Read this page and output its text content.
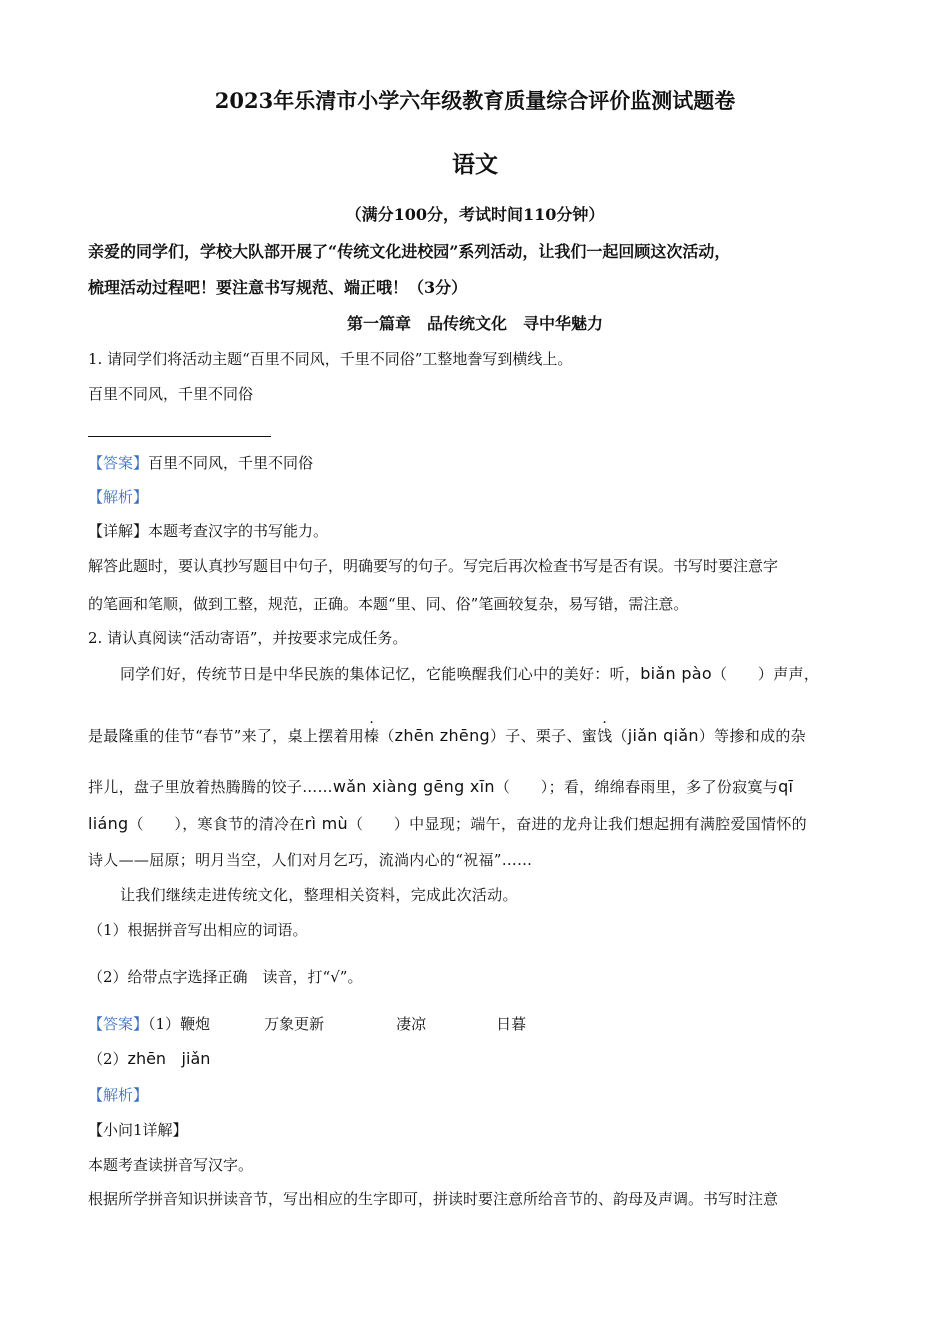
2023年乐清市小学六年级教育质量综合评价监测试题卷
语文
（满分100分，考试时间110分钟）
亲爱的同学们，学校大队部开展了“传统文化进校园”系列活动，让我们一起回顾这次活动，
梳理活动过程吧！要注意书写规范、端正哦！（3分）
第一篇章　品传统文化　寻中华魅力
1. 请同学们将活动主题“百里不同风，千里不同俗”工整地誊写到横线上。
百里不同风，千里不同俗
【答案】百里不同风，千里不同俗
【解析】
【详解】本题考查汉字的书写能力。
解答此题时，要认真抄写题目中句子，明确要写的句子。写完后再次检查书写是否有误。书写时要注意字
的笔画和笔顺，做到工整，规范，正确。本题“里、同、俗”笔画较复杂，易写错，需注意。
2. 请认真阅读“活动寄语”，并按要求完成任务。
同学们好，传统节日是中华民族的集体记忆，它能唤醒我们心中的美好：听，biǎn pào（　　）声声，
是最隆重的佳节“春节”来了，桌上摆着用榛（zhēn zhēng）子、栗子、蜜饯（jiǎn qiǎn）等掺和成的杂
拌儿，盘子里放着热腾腾的饺子……wǎn xiàng gēng xīn（　　）；看，绵绵春雨里，多了份寂寞与qī
liáng（　　），寒食节的清冷在rì mù（　　）中显现；端午，奋进的龙舟让我们想起拥有满腔爱国情怀的
诗人——屈原；明月当空，人们对月乞巧，流淌内心的“祝福”……
让我们继续走进传统文化，整理相关资料，完成此次活动。
（1）根据拼音写出相应的词语。
（2）给带点字选择正确　读音，打“√”。
【答案】（1）鞭炮	万象更新	凄凉	日暮
（2）zhēn jiǎn
【解析】
【小问1详解】
本题考查读拼音写汉字。
根据所学拼音知识拼读音节，写出相应的生字即可，拼读时要注意所给音节的、韵母及声调。书写时注意
